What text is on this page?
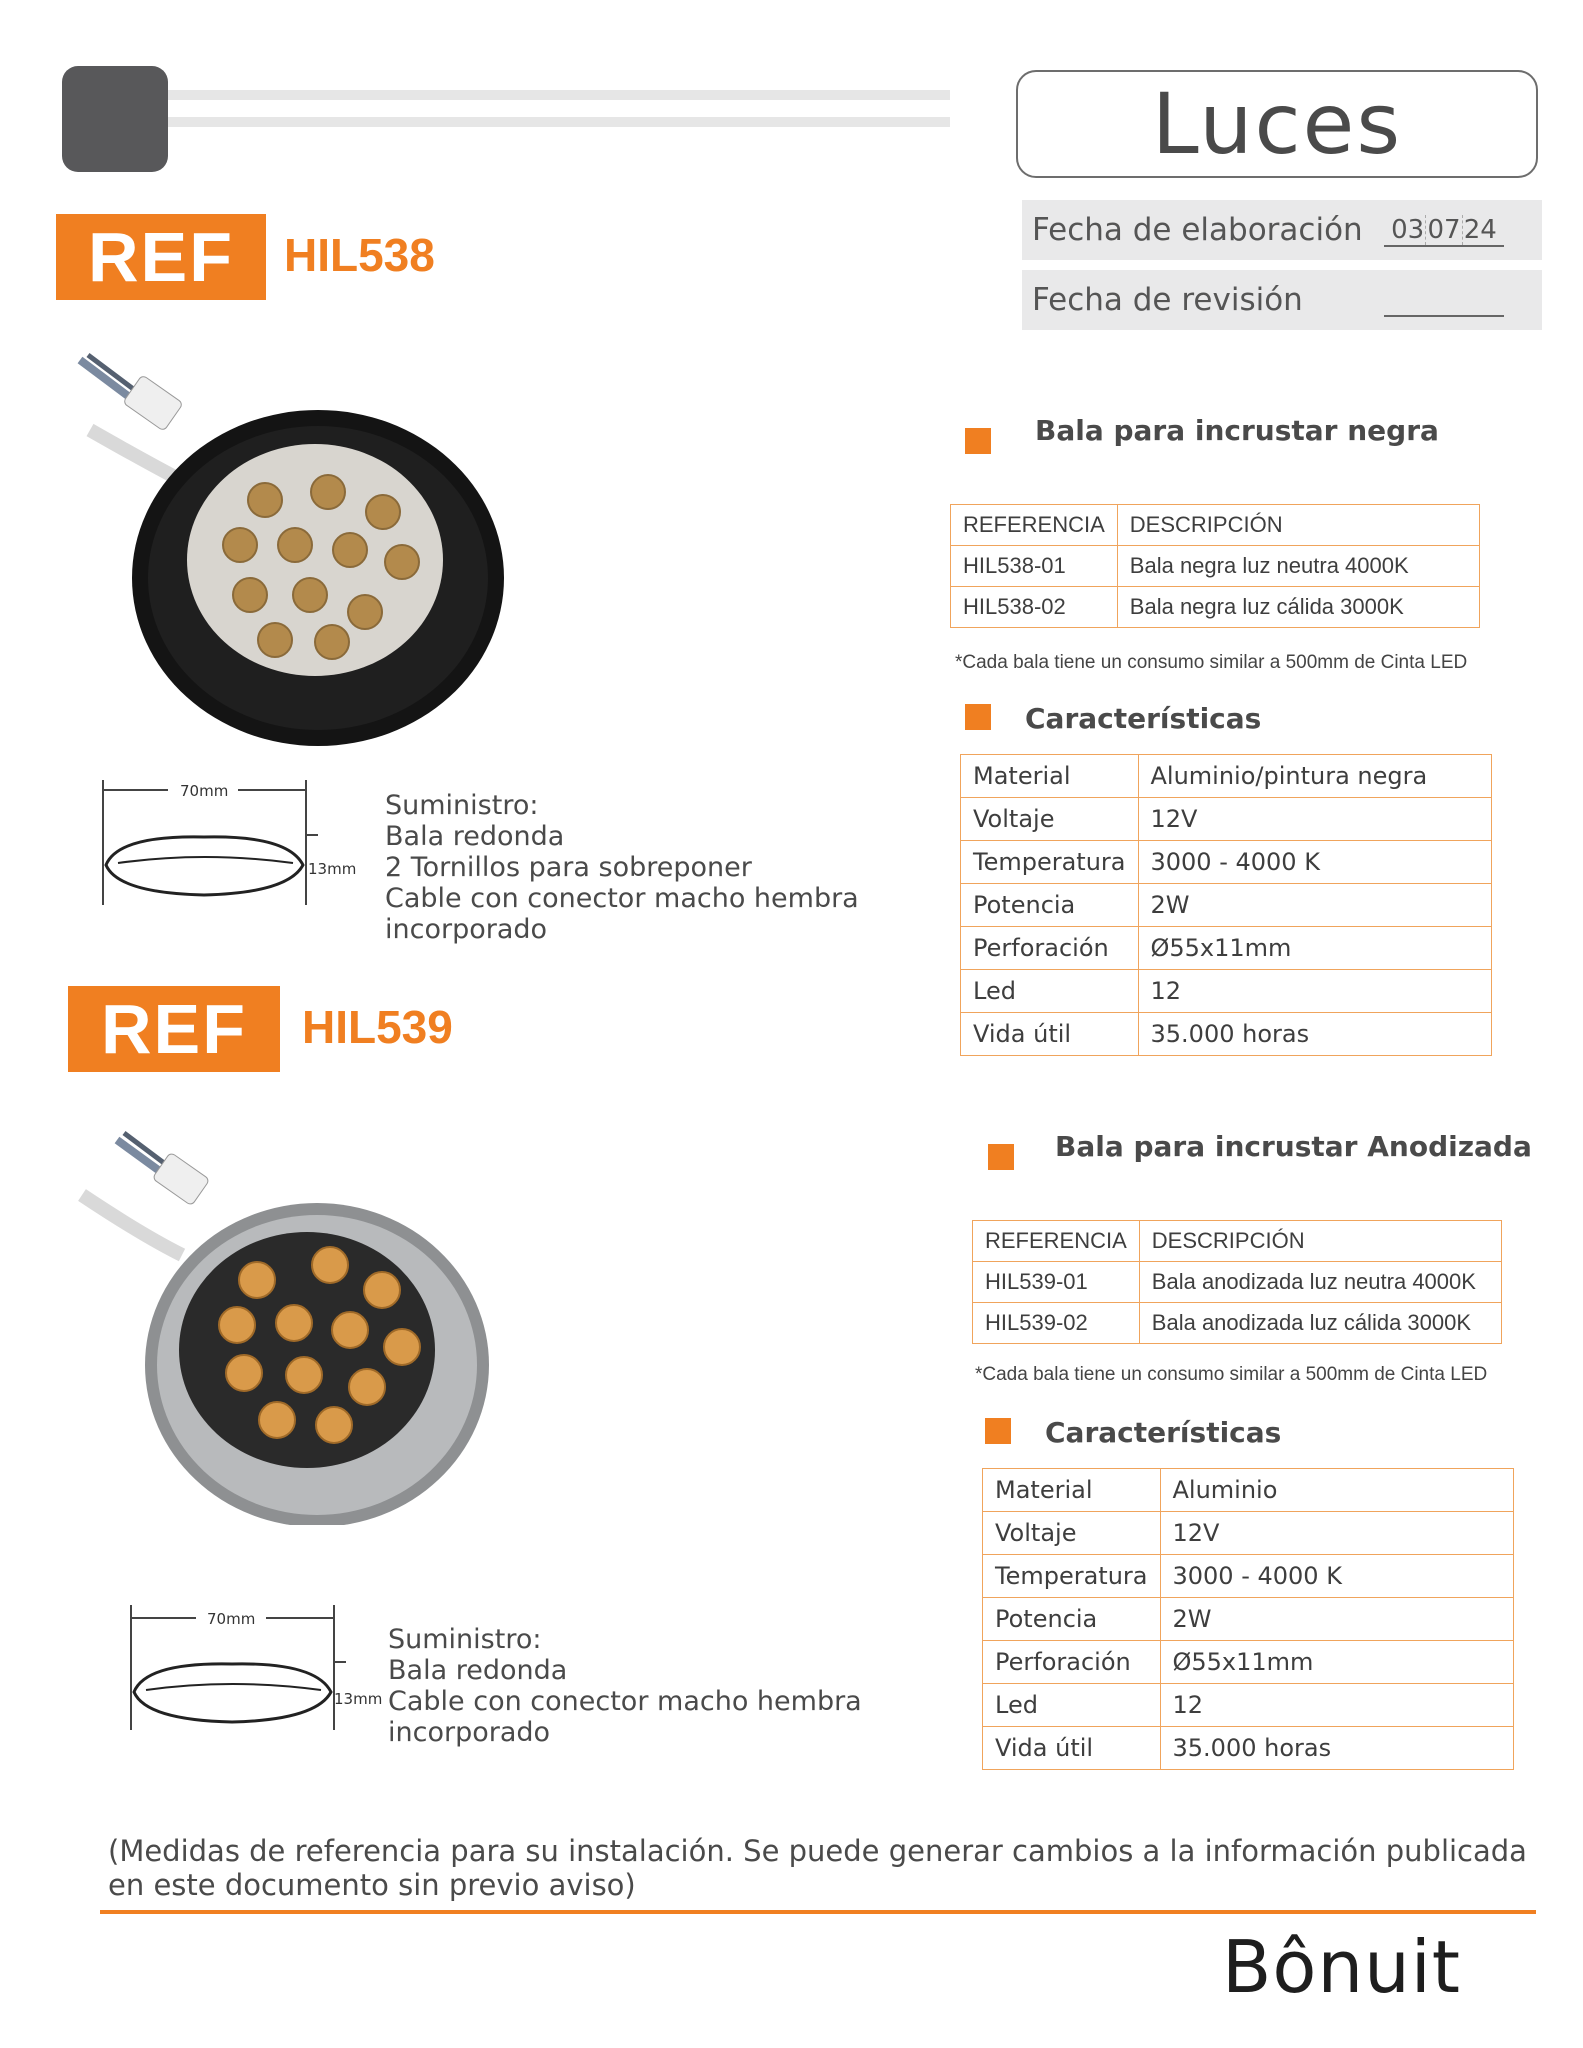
Luces
Fecha de elaboración	03 07 24
Fecha de revisión
REF	HIL538
70mm
13mm
Suministro:
Bala redonda
2 Tornillos para sobreponer
Cable con conector macho hembra
incorporado
Bala para incrustar negra
REFERENCIA	DESCRIPCIÓN
HIL538-01	Bala negra luz neutra 4000K
HIL538-02	Bala negra luz cálida 3000K
*Cada bala tiene un consumo similar a 500mm de Cinta LED
Características
Material	Aluminio/pintura negra
Voltaje	12V
Temperatura	3000 - 4000 K
Potencia	2W
Perforación	Ø55x11mm
Led	12
Vida útil	35.000 horas
REF	HIL539
70mm
13mm
Suministro:
Bala redonda
Cable con conector macho hembra
incorporado
Bala para incrustar Anodizada
REFERENCIA	DESCRIPCIÓN
HIL539-01	Bala anodizada luz neutra 4000K
HIL539-02	Bala anodizada luz cálida 3000K
*Cada bala tiene un consumo similar a 500mm de Cinta LED
Características
Material	Aluminio
Voltaje	12V
Temperatura	3000 - 4000 K
Potencia	2W
Perforación	Ø55x11mm
Led	12
Vida útil	35.000 horas
(Medidas de referencia para su instalación. Se puede generar cambios a la información publicada en este documento sin previo aviso)
Bônuit
